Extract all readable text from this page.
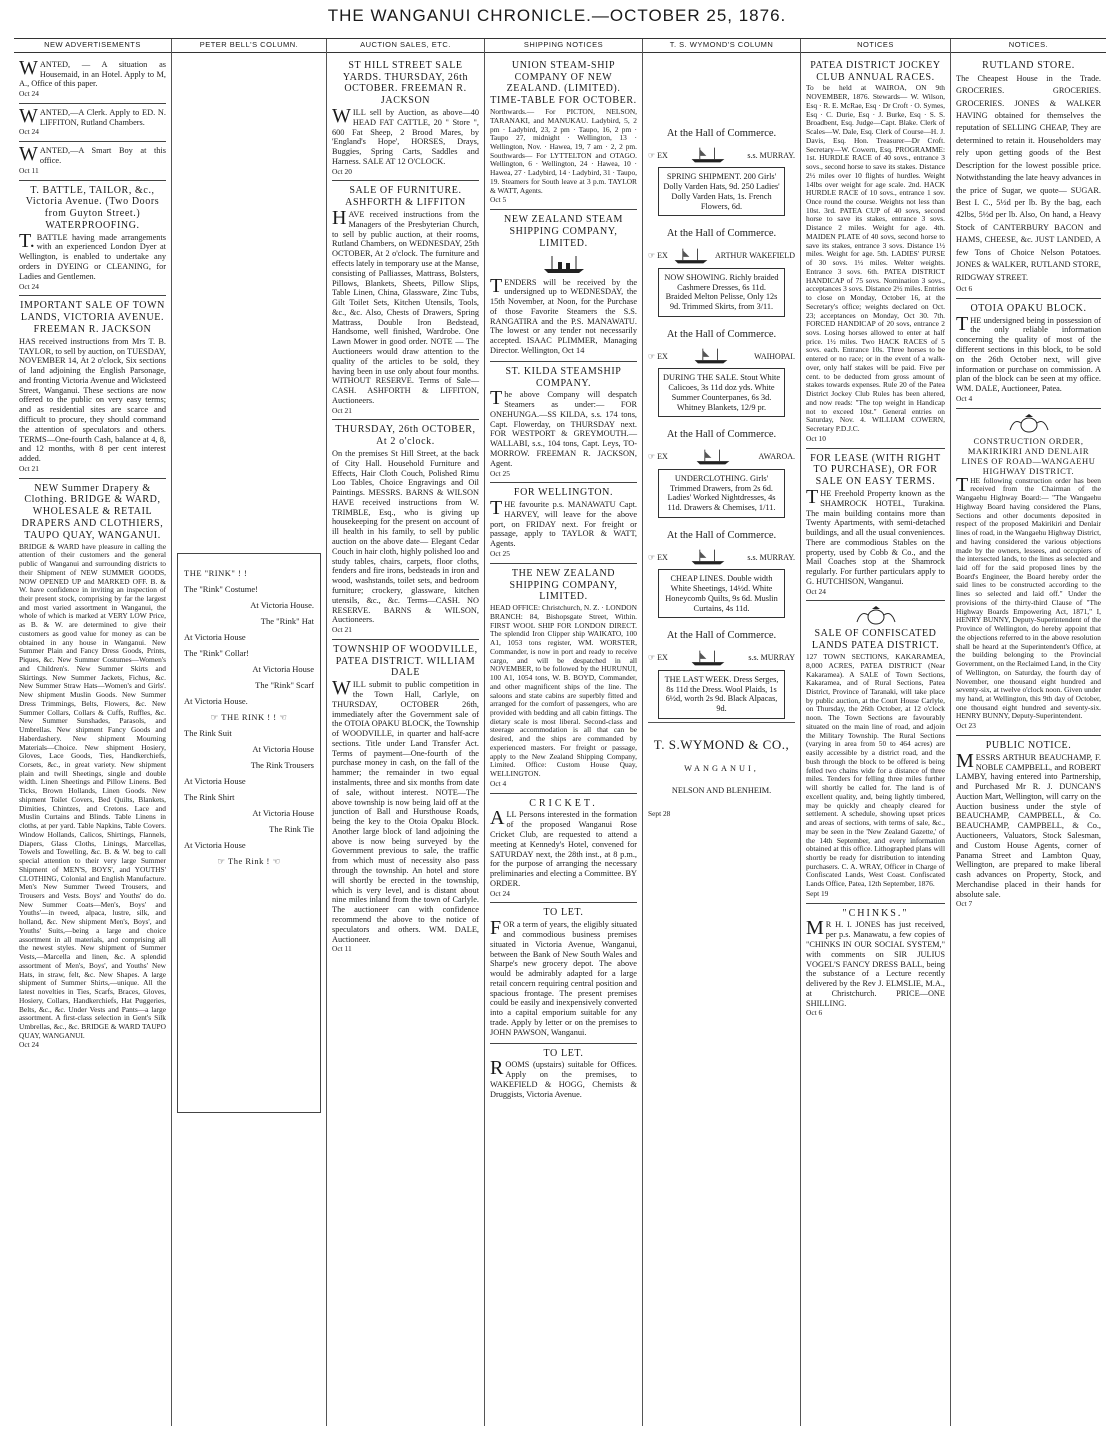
THE WANGANUI CHRONICLE.—OCTOBER 25, 1876.
NEW ADVERTISEMENTS

WANTED, — A situation as Housemaid, in an Hotel. Apply to M, A., Office of this paper.

Oct 24

WANTED,—A Clerk. Apply to ED. N. LIFFITON, Rutland Chambers.

Oct 24

WANTED,—A Smart Boy at this office.

Oct 11
T. BATTLE, TAILOR, &c., Victoria Avenue. (Two Doors from Guyton Street.) WATERPROOFING.

T.BATTLE having made arrangements with an experienced London Dyer at Wellington, is enabled to undertake any orders in DYEING or CLEANING, for Ladies and Gentlemen.

Oct 24
IMPORTANT SALE OF TOWN LANDS, VICTORIA AVENUE. FREEMAN R. JACKSON

HAS received instructions from Mrs T. B. TAYLOR, to sell by auction, on TUESDAY, NOVEMBER 14, At 2 o'clock, Six sections of land adjoining the English Parsonage, and fronting Victoria Avenue and Wicksteed Street, Wanganui. These sections are now offered to the public on very easy terms; and as residential sites are scarce and difficult to procure, they should command the attention of speculators and others. TERMS—One-fourth Cash, balance at 4, 8, and 12 months, with 8 per cent interest added.

Oct 21
NEW Summer Drapery & Clothing. BRIDGE & WARD, WHOLESALE & RETAIL DRAPERS AND CLOTHIERS, TAUPO QUAY, WANGANUI.

BRIDGE & WARD have pleasure in calling the attention of their customers and the general public of Wanganui and surrounding districts to their Shipment of NEW SUMMER GOODS, NOW OPENED UP and MARKED OFF. B. & W. have confidence in inviting an inspection of their present stock, comprising by far the largest and most varied assortment in Wanganui, the whole of which is marked at VERY LOW Price, as B. & W. are determined to give their customers as good value for money as can be obtained in any house in Wanganui. New Summer Plain and Fancy Dress Goods, Prints, Piques, &c. New Summer Costumes—Women's and Children's. New Summer Skirts and Skirtings. New Summer Jackets, Fichus, &c. New Summer Straw Hats—Women's and Girls'. New shipment Muslin Goods. New Summer Dress Trimmings, Belts, Flowers, &c. New Summer Collars, Collars & Cuffs, Ruffles, &c. New Summer Sunshades, Parasols, and Umbrellas. New shipment Fancy Goods and Haberdashery. New shipment Mourning Materials—Choice. New shipment Hosiery, Gloves, Lace Goods, Ties, Handkerchiefs, Corsets, &c., in great variety. New shipment plain and twill Sheetings, single and double width. Linen Sheetings and Pillow Linens. Bed Ticks, Brown Hollands, Linen Goods. New shipment Toilet Covers, Bed Quilts, Blankets, Dimities, Chintzes, and Cretons. Lace and Muslin Curtains and Blinds. Table Linens in cloths, at per yard. Table Napkins, Table Covers. Window Hollands, Calicos, Shirtings, Flannels, Diapers, Glass Cloths, Linings, Marcellas, Towels and Towelling, &c. B. & W. beg to call special attention to their very large Summer Shipment of MEN'S, BOYS', and YOUTHS' CLOTHING, Colonial and English Manufacture. Men's New Summer Tweed Trousers, and Trousers and Vests. Boys' and Youths' do do. New Summer Coats—Men's, Boys' and Youths'—in tweed, alpaca, lustre, silk, and holland, &c. New shipment Men's, Boys', and Youths' Suits,—being a large and choice assortment in all materials, and comprising all the newest styles. New shipment of Summer Vests,—Marcella and linen, &c. A splendid assortment of Men's, Boys', and Youths' New Hats, in straw, felt, &c. New Shapes. A large shipment of Summer Shirts,—unique. All the latest novelties in Ties, Scarfs, Braces, Gloves, Hosiery, Collars, Handkerchiefs, Hat Puggeries, Belts, &c., &c. Under Vests and Pants—a large assortment. A first-class selection in Gent's Silk Umbrellas, &c., &c. BRIDGE & WARD TAUPO QUAY, WANGANUI.

Oct 24
PETER BELL'S COLUMN.
THE "RINK" ! !
The "Rink" Costume!
At Victoria House.
The "Rink" Hat
At Victoria House
The "Rink" Collar!
At Victoria House
The "Rink" Scarf
At Victoria House.
☞ THE RINK ! ! ☜
The Rink Suit
At Victoria House
The Rink Trousers
At Victoria House
The Rink Shirt
At Victoria House
The Rink Tie
At Victoria House
☞ The Rink ! ☜
AUCTION SALES, ETC.
ST HILL STREET SALE YARDS. THURSDAY, 26th OCTOBER. FREEMAN R. JACKSON

WILL sell by Auction, as above—40 HEAD FAT CATTLE, 20 " Store ", 600 Fat Sheep, 2 Brood Mares, by 'England's Hope', HORSES, Drays, Buggies, Spring Carts, Saddles and Harness. SALE AT 12 O'CLOCK.

Oct 20
SALE OF FURNITURE. ASHFORTH & LIFFITON

HAVE received instructions from the Managers of the Presbyterian Church, to sell by public auction, at their rooms, Rutland Chambers, on WEDNESDAY, 25th OCTOBER, At 2 o'clock. The furniture and effects lately in temporary use at the Manse, consisting of Palliasses, Mattrass, Bolsters, Pillows, Blankets, Sheets, Pillow Slips, Table Linen, China, Glassware, Zinc Tubs, Gilt Toilet Sets, Kitchen Utensils, Tools, &c., &c. Also, Chests of Drawers, Spring Mattrass, Double Iron Bedstead, Handsome, well finished, Wardrobe. One Lawn Mower in good order. NOTE — The Auctioneers would draw attention to the quality of the articles to be sold, they having been in use only about four months. WITHOUT RESERVE. Terms of Sale—CASH. ASHFORTH & LIFFITON, Auctioneers.

Oct 21
THURSDAY, 26th OCTOBER, At 2 o'clock.

On the premises St Hill Street, at the back of City Hall. Household Furniture and Effects, Hair Cloth Couch, Polished Rimu Loo Tables, Choice Engravings and Oil Paintings. MESSRS. BARNS & WILSON HAVE received instructions from W. TRIMBLE, Esq., who is giving up housekeeping for the present on account of ill health in his family, to sell by public auction on the above date— Elegant Cedar Couch in hair cloth, highly polished loo and study tables, chairs, carpets, floor cloths, fenders and fire irons, bedsteads in iron and wood, washstands, toilet sets, and bedroom furniture; crockery, glassware, kitchen utensils, &c., &c. Terms—CASH. NO RESERVE. BARNS & WILSON, Auctioneers.

Oct 21
TOWNSHIP OF WOODVILLE, PATEA DISTRICT. WILLIAM DALE

WILL submit to public competition in the Town Hall, Carlyle, on THURSDAY, OCTOBER 26th, immediately after the Government sale of the OTOIA OPAKU BLOCK, the Township of WOODVILLE, in quarter and half-acre sections. Title under Land Transfer Act. Terms of payment—One-fourth of the purchase money in cash, on the fall of the hammer; the remainder in two equal instalments, three and six months from date of sale, without interest. NOTE—The above township is now being laid off at the junction of Ball and Hursthouse Roads, being the key to the Otoia Opaku Block. Another large block of land adjoining the above is now being surveyed by the Government previous to sale, the traffic from which must of necessity also pass through the township. An hotel and store will shortly be erected in the township, which is very level, and is distant about nine miles inland from the town of Carlyle. The auctioneer can with confidence recommend the above to the notice of speculators and others. WM. DALE, Auctioneer.

Oct 11
SHIPPING NOTICES
UNION STEAM-SHIP COMPANY OF NEW ZEALAND. (LIMITED). TIME-TABLE FOR OCTOBER.

Northwards.— For PICTON, NELSON, TARANAKI, and MANUKAU. Ladybird, 5, 2 pm · Ladybird, 23, 2 pm · Taupo, 16, 2 pm · Taupo 27, midnight · Wellington, 13 · Wellington, Nov. · Hawea, 19, 7 am · 2, 2 pm. Southwards— For LYTTELTON and OTAGO. Wellington, 6 · Wellington, 24 · Hawea, 10 · Hawea, 27 · Ladybird, 14 · Ladybird, 31 · Taupo, 19. Steamers for South leave at 3 p.m. TAYLOR & WATT, Agents.

Oct 5
NEW ZEALAND STEAM SHIPPING COMPANY, LIMITED.

TENDERS will be received by the undersigned up to WEDNESDAY, the 15th November, at Noon, for the Purchase of those Favorite Steamers the S.S. RANGATIRA and the P.S. MANAWATU. The lowest or any tender not necessarily accepted. ISAAC PLIMMER, Managing Director. Wellington, Oct 14

ST. KILDA STEAMSHIP COMPANY.

The above Company will despatch Steamers as under:— FOR ONEHUNGA.—SS KILDA, s.s. 174 tons, Capt. Flowerday, on THURSDAY next. FOR WESTPORT & GREYMOUTH.— WALLABI, s.s., 104 tons, Capt. Leys, TO-MORROW. FREEMAN R. JACKSON, Agent.

Oct 25
FOR WELLINGTON.

THE favourite p.s. MANAWATU Capt. HARVEY, will leave for the above port, on FRIDAY next. For freight or passage, apply to TAYLOR & WATT, Agents.

Oct 25
THE NEW ZEALAND SHIPPING COMPANY, LIMITED.

HEAD OFFICE: Christchurch, N. Z. · LONDON BRANCH: 84, Bishopsgate Street, Within. FIRST WOOL SHIP FOR LONDON DIRECT. The splendid Iron Clipper ship WAIKATO, 100 A1, 1053 tons register, WM. WORSTER, Commander, is now in port and ready to receive cargo, and will be despatched in all NOVEMBER, to be followed by the HURUNUI, 100 A1, 1054 tons, W. B. BOYD, Commander, and other magnificent ships of the line. The saloons and state cabins are superbly fitted and arranged for the comfort of passengers, who are provided with bedding and all cabin fittings. The dietary scale is most liberal. Second-class and steerage accommodation is all that can be desired, and the ships are commanded by experienced masters. For freight or passage, apply to the New Zealand Shipping Company, Limited. Office: Custom House Quay, WELLINGTON.

Oct 4
CRICKET.

ALL Persons interested in the formation of the proposed Wanganui Rose Cricket Club, are requested to attend a meeting at Kennedy's Hotel, convened for SATURDAY next, the 28th inst., at 8 p.m., for the purpose of arranging the necessary preliminaries and electing a Committee. BY ORDER.

Oct 24
TO LET.

FOR a term of years, the eligibly situated and commodious business premises situated in Victoria Avenue, Wanganui, between the Bank of New South Wales and Sharpe's new grocery depot. The above would be admirably adapted for a large retail concern requiring central position and spacious frontage. The present premises could be easily and inexpensively converted into a capital emporium suitable for any trade. Apply by letter or on the premises to JOHN PAWSON, Wanganui.

TO LET.

ROOMS (upstairs) suitable for Offices. Apply on the premises, to WAKEFIELD & HOGG, Chemists & Druggists, Victoria Avenue.

T. S. WYMOND'S COLUMN
At the Hall of Commerce.
☞ EX	s.s. MURRAY.
SPRING SHIPMENT. 200 Girls' Dolly Varden Hats, 9d. 250 Ladies' Dolly Varden Hats, 1s. French Flowers, 6d.
At the Hall of Commerce.
☞ EX	ARTHUR WAKEFIELD
NOW SHOWING. Richly braided Cashmere Dresses, 6s 11d. Braided Melton Pelisse, Only 12s 9d. Trimmed Skirts, from 3/11.
At the Hall of Commerce.
☞ EX	WAIHOPAI.
DURING THE SALE. Stout White Calicoes, 3s 11d doz yds. White Summer Counterpanes, 6s 3d. Whitney Blankets, 12/9 pr.
At the Hall of Commerce.
☞ EX	AWAROA.
UNDERCLOTHING. Girls' Trimmed Drawers, from 2s 6d. Ladies' Worked Nightdresses, 4s 11d. Drawers & Chemises, 1/11.
At the Hall of Commerce.
☞ EX	s.s. MURRAY.
CHEAP LINES. Double width White Sheetings, 14½d. White Honeycomb Quilts, 9s 6d. Muslin Curtains, 4s 11d.
At the Hall of Commerce.
☞ EX	s.s. MURRAY
THE LAST WEEK. Dress Serges, 8s 11d the Dress. Wool Plaids, 1s 6½d, worth 2s 9d. Black Alpacas, 9d.
T. S.WYMOND & CO.,
WANGANUI,
NELSON AND BLENHEIM.
Sept 28
NOTICES
PATEA DISTRICT JOCKEY CLUB ANNUAL RACES.

To be held at WAIROA, ON 9th NOVEMBER, 1876. Stewards— W. Wilson, Esq · R. E. McRae, Esq · Dr Croft · O. Symes, Esq · C. Durie, Esq · J. Burke, Esq · S. S. Broadbent, Esq. Judge—Capt. Blake. Clerk of Scales—W. Dale, Esq. Clerk of Course—H. J. Davis, Esq. Hon. Treasurer—Dr Croft. Secretary—W. Cowern, Esq. PROGRAMME: 1st. HURDLE RACE of 40 sovs., entrance 3 sovs., second horse to save its stakes. Distance 2½ miles over 10 flights of hurdles. Weight 14lbs over weight for age scale. 2nd. HACK HURDLE RACE of 10 sovs., entrance 1 sov. Once round the course. Weights not less than 10st. 3rd. PATEA CUP of 40 sovs, second horse to save its stakes, entrance 3 sovs. Distance 2 miles. Weight for age. 4th. MAIDEN PLATE of 40 sovs, second horse to save its stakes, entrance 3 sovs. Distance 1½ miles. Weight for age. 5th. LADIES' PURSE of 30 sovs. 1½ miles. Welter weights. Entrance 3 sovs. 6th. PATEA DISTRICT HANDICAP of 75 sovs. Nomination 3 sovs., acceptances 3 sovs. Distance 2½ miles. Entries to close on Monday, October 16, at the Secretary's office; weights declared on Oct. 23; acceptances on Monday, Oct 30. 7th. FORCED HANDICAP of 20 sovs, entrance 2 sovs. Losing horses allowed to enter at half price. 1½ miles. Two HACK RACES of 5 sovs. each. Entrance 10s. Three horses to be entered or no race; or in the event of a walk-over, only half stakes will be paid. Five per cent. to be deducted from gross amount of stakes towards expenses. Rule 20 of the Patea District Jockey Club Rules has been altered, and now reads: "The top weight in Handicap not to exceed 10st." General entries on Saturday, Nov. 4. WILLIAM COWERN, Secretary P.D.J.C.

Oct 10
FOR LEASE (WITH RIGHT TO PURCHASE), OR FOR SALE ON EASY TERMS.

THE Freehold Property known as the SHAMROCK HOTEL, Turakina. The main building contains more than Twenty Apartments, with semi-detached buildings, and all the usual conveniences. There are commodious Stables on the property, used by Cobb & Co., and the Mail Coaches stop at the Shamrock regularly. For further particulars apply to G. HUTCHISON, Wanganui.

Oct 24
SALE OF CONFISCATED LANDS PATEA DISTRICT.

127 TOWN SECTIONS, KAKARAMEA, 8,000 ACRES, PATEA DISTRICT (Near Kakaramea). A SALE of Town Sections, Kakaramea, and of Rural Sections, Patea District, Province of Taranaki, will take place by public auction, at the Court House Carlyle, on Thursday, the 26th October, at 12 o'clock noon. The Town Sections are favourably situated on the main line of road, and adjoin the Military Township. The Rural Sections (varying in area from 50 to 464 acres) are easily accessible by a district road, and the bush through the block to be offered is being felled two chains wide for a distance of three miles. Tenders for felling three miles further will shortly be called for. The land is of excellent quality, and, being lightly timbered, may be quickly and cheaply cleared for settlement. A schedule, showing upset prices and areas of sections, with terms of sale, &c., may be seen in the 'New Zealand Gazette,' of the 14th September, and every information obtained at this office. Lithographed plans will shortly be ready for distribution to intending purchasers. C. A. WRAY, Officer in Charge of Confiscated Lands, West Coast. Confiscated Lands Office, Patea, 12th September, 1876.

Sept 19
"CHINKS."

MR H. I. JONES has just received, per p.s. Manawatu, a few copies of "CHINKS IN OUR SOCIAL SYSTEM," with comments on SIR JULIUS VOGEL'S FANCY DRESS BALL, being the substance of a Lecture recently delivered by the Rev J. ELMSLIE, M.A., at Christchurch. PRICE—ONE SHILLING.

Oct 6
NOTICES.
RUTLAND STORE.

The Cheapest House in the Trade. GROCERIES. GROCERIES. GROCERIES. JONES & WALKER HAVING obtained for themselves the reputation of SELLING CHEAP, They are determined to retain it. Householders may rely upon getting goods of the Best Description for the lowest possible price. Notwithstanding the late heavy advances in the price of Sugar, we quote— SUGAR. Best I. C., 5½d per lb. By the bag, each 42lbs, 5½d per lb. Also, On hand, a Heavy Stock of CANTERBURY BACON and HAMS, CHEESE, &c. JUST LANDED, A few Tons of Choice Nelson Potatoes. JONES & WALKER, RUTLAND STORE, RIDGWAY STREET.

Oct 6
OTOIA OPAKU BLOCK.

THE undersigned being in possession of the only reliable information concerning the quality of most of the different sections in this block, to be sold on the 26th October next, will give information or purchase on commission. A plan of the block can be seen at my office. WM. DALE, Auctioneer, Patea.

Oct 4
CONSTRUCTION ORDER, MAKIRIKIRI AND DENLAIR LINES OF ROAD—WANGAEHU HIGHWAY DISTRICT.

THE following construction order has been received from the Chairman of the Wangaehu Highway Board:— "The Wangaehu Highway Board having considered the Plans, Sections and other documents deposited in respect of the proposed Makirikiri and Denlair lines of road, in the Wangaehu Highway District, and having considered the various objections made by the owners, lessees, and occupiers of the intersected lands, to the lines as selected and laid off for the said proposed lines by the Board's Engineer, the Board hereby order the said lines to be constructed according to the lines so selected and laid off." Under the provisions of the thirty-third Clause of "The Highway Boards Empowering Act, 1871," I, HENRY BUNNY, Deputy-Superintendent of the Province of Wellington, do hereby appoint that the objections referred to in the above resolution shall be heard at the Superintendent's Office, at the building belonging to the Provincial Government, on the Reclaimed Land, in the City of Wellington, on Saturday, the fourth day of November, one thousand eight hundred and seventy-six, at twelve o'clock noon. Given under my hand, at Wellington, this 9th day of October, one thousand eight hundred and seventy-six. HENRY BUNNY, Deputy-Superintendent.

Oct 23
PUBLIC NOTICE.

MESSRS ARTHUR BEAUCHAMP, F. NOBLE CAMPBELL, and ROBERT LAMBY, having entered into Partnership, and Purchased Mr R. J. DUNCAN'S Auction Mart, Wellington, will carry on the Auction business under the style of BEAUCHAMP, CAMPBELL, & Co. BEAUCHAMP, CAMPBELL, & Co., Auctioneers, Valuators, Stock Salesman, and Custom House Agents, corner of Panama Street and Lambton Quay, Wellington, are prepared to make liberal cash advances on Property, Stock, and Merchandise placed in their hands for absolute sale.

Oct 7
